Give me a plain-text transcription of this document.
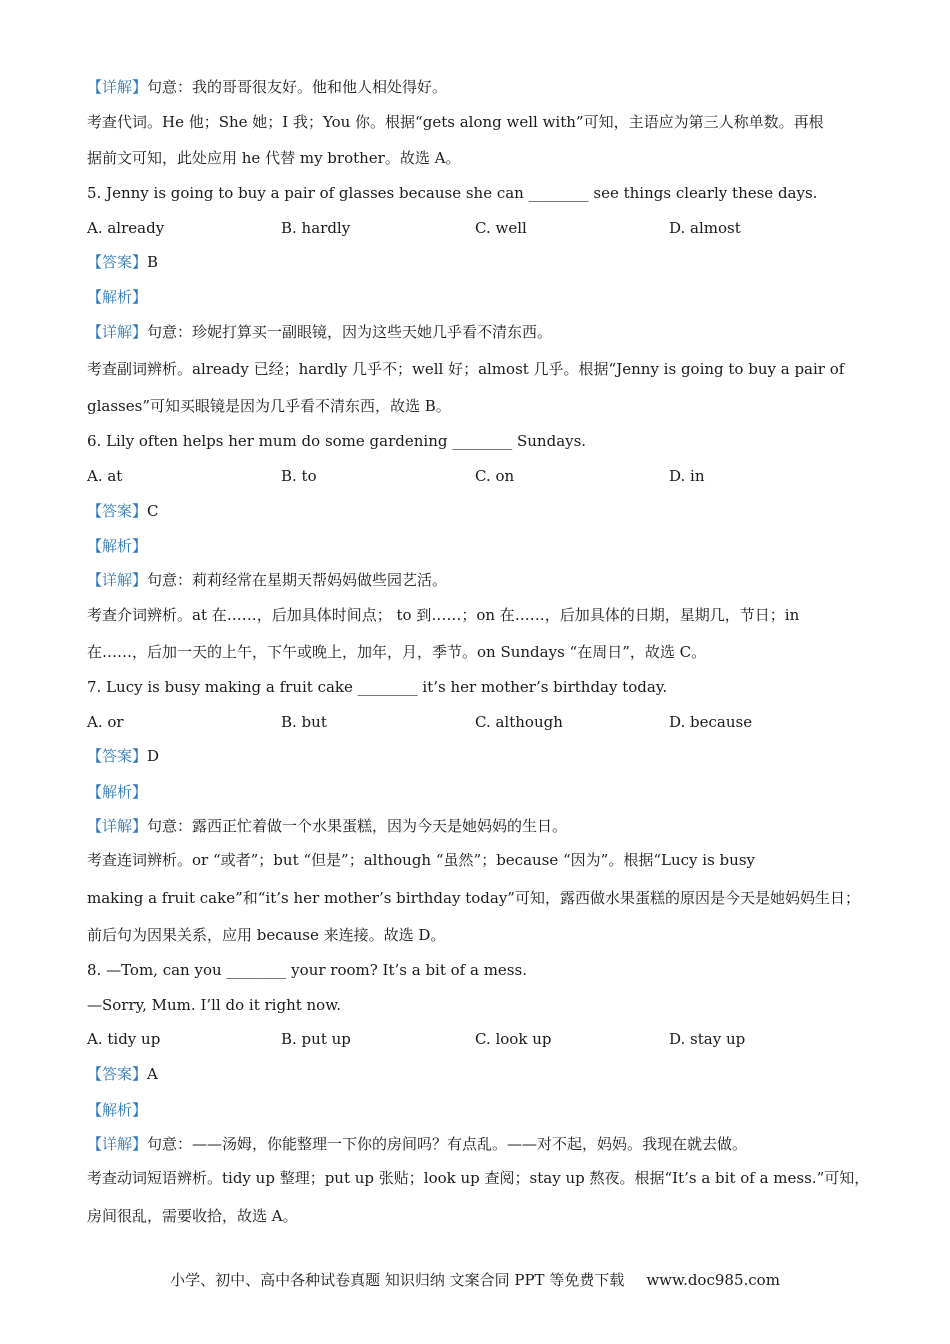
【详解】句意：我的哥哥很友好。他和他人相处得好。
考查代词。He 他；She 她；I 我；You 你。根据“gets along well with”可知，主语应为第三人称单数。再根
据前文可知，此处应用 he 代替 my brother。故选 A。
5. Jenny is going to buy a pair of glasses because she can ________ see things clearly these days.
A. already	B. hardly	C. well	D. almost
【答案】B
【解析】
【详解】句意：珍妮打算买一副眼镜，因为这些天她几乎看不清东西。
考查副词辨析。already 已经；hardly 几乎不；well 好；almost 几乎。根据“Jenny is going to buy a pair of
glasses”可知买眼镜是因为几乎看不清东西，故选 B。
6. Lily often helps her mum do some gardening ________ Sundays.
A. at	B. to	C. on	D. in
【答案】C
【解析】
【详解】句意：莉莉经常在星期天帮妈妈做些园艺活。
考查介词辨析。at 在……，后加具体时间点； to 到……；on 在……，后加具体的日期，星期几，节日；in
在……，后加一天的上午，下午或晚上，加年，月，季节。on Sundays “在周日”，故选 C。
7. Lucy is busy making a fruit cake ________ it’s her mother’s birthday today.
A. or	B. but	C. although	D. because
【答案】D
【解析】
【详解】句意：露西正忙着做一个水果蛋糕，因为今天是她妈妈的生日。
考查连词辨析。or “或者”；but “但是”；although “虽然”；because “因为”。根据“Lucy is busy
making a fruit cake”和“it’s her mother’s birthday today”可知，露西做水果蛋糕的原因是今天是她妈妈生日；
前后句为因果关系，应用 because 来连接。故选 D。
8. —Tom, can you ________ your room? It’s a bit of a mess.
—Sorry, Mum. I’ll do it right now.
A. tidy up	B. put up	C. look up	D. stay up
【答案】A
【解析】
【详解】句意：——汤姆，你能整理一下你的房间吗？有点乱。——对不起，妈妈。我现在就去做。
考查动词短语辨析。tidy up 整理；put up 张贴；look up 查阅；stay up 熬夜。根据“It’s a bit of a mess.”可知，
房间很乱，需要收拾，故选 A。
小学、初中、高中各种试卷真题 知识归纳 文案合同 PPT 等免费下载 www.doc985.com
